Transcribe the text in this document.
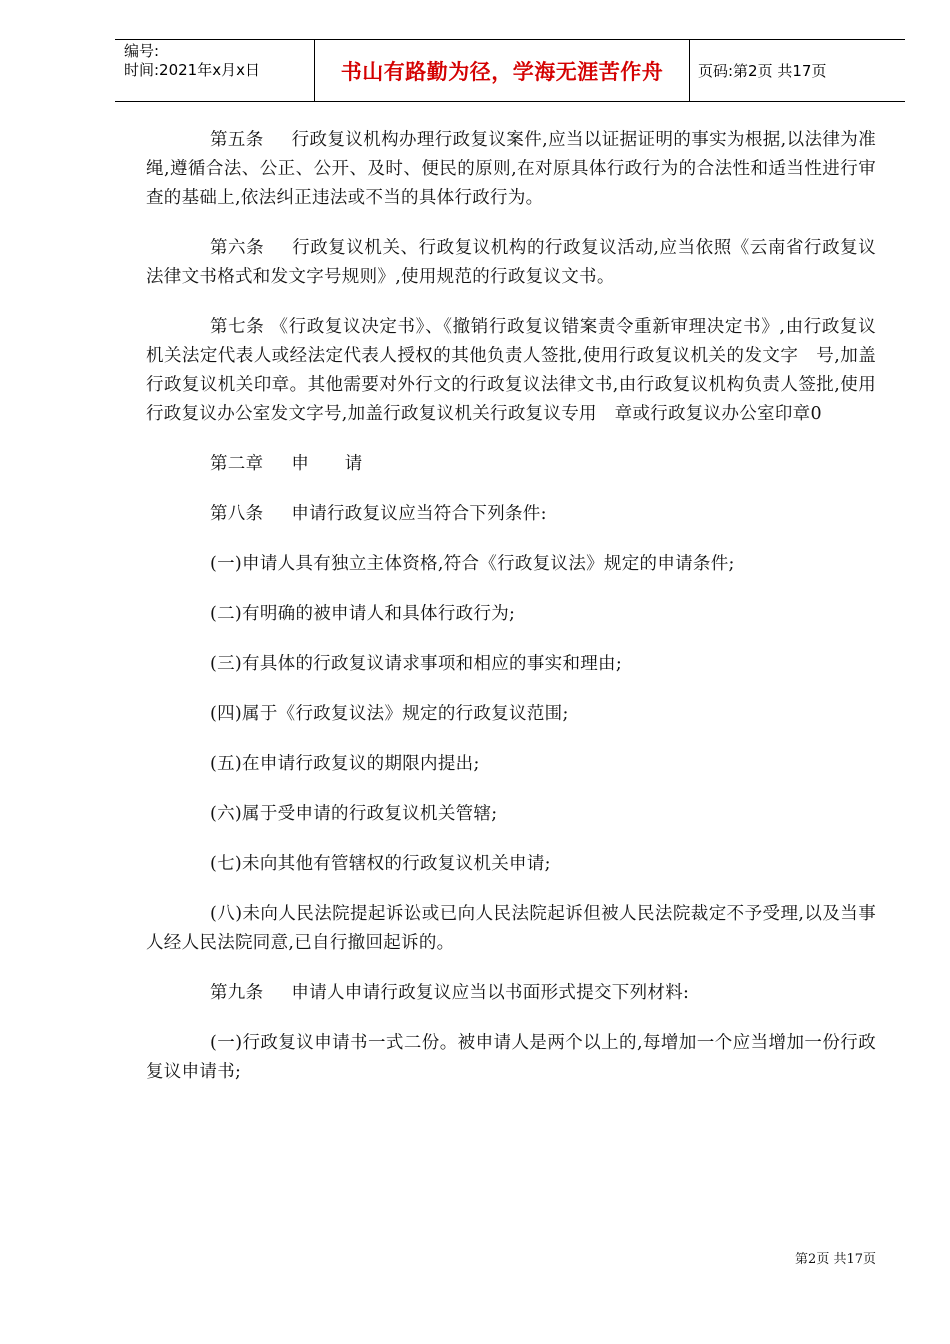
编号:
时间:2021年x月x日	书山有路勤为径，学海无涯苦作舟 页码:第2页 共17页

第五条 行政复议机构办理行政复议案件,应当以证据证明的事实为根据,以法律为准绳,遵循合法、公正、公开、及时、便民的原则,在对原具体行政行为的合法性和适当性进行审查的基础上,依法纠正违法或不当的具体行政行为。

第六条 行政复议机关、行政复议机构的行政复议活动,应当依照《云南省行政复议法律文书格式和发文字号规则》,使用规范的行政复议文书。

第七条 《行政复议决定书》、《撤销行政复议错案责令重新审理决定书》,由行政复议机关法定代表人或经法定代表人授权的其他负责人签批,使用行政复议机关的发文字　号,加盖行政复议机关印章。其他需要对外行文的行政复议法律文书,由行政复议机构负责人签批,使用行政复议办公室发文字号,加盖行政复议机关行政复议专用　章或行政复议办公室印章0

第二章 申　　请

第八条 申请行政复议应当符合下列条件:

(一)申请人具有独立主体资格,符合《行政复议法》规定的申请条件;

(二)有明确的被申请人和具体行政行为;

(三)有具体的行政复议请求事项和相应的事实和理由;

(四)属于《行政复议法》规定的行政复议范围;

(五)在申请行政复议的期限内提出;

(六)属于受申请的行政复议机关管辖;

(七)未向其他有管辖权的行政复议机关申请;

(八)未向人民法院提起诉讼或已向人民法院起诉但被人民法院裁定不予受理,以及当事人经人民法院同意,已自行撤回起诉的。

第九条 申请人申请行政复议应当以书面形式提交下列材料:

(一)行政复议申请书一式二份。被申请人是两个以上的,每增加一个应当增加一份行政复议申请书;

第2页 共17页
